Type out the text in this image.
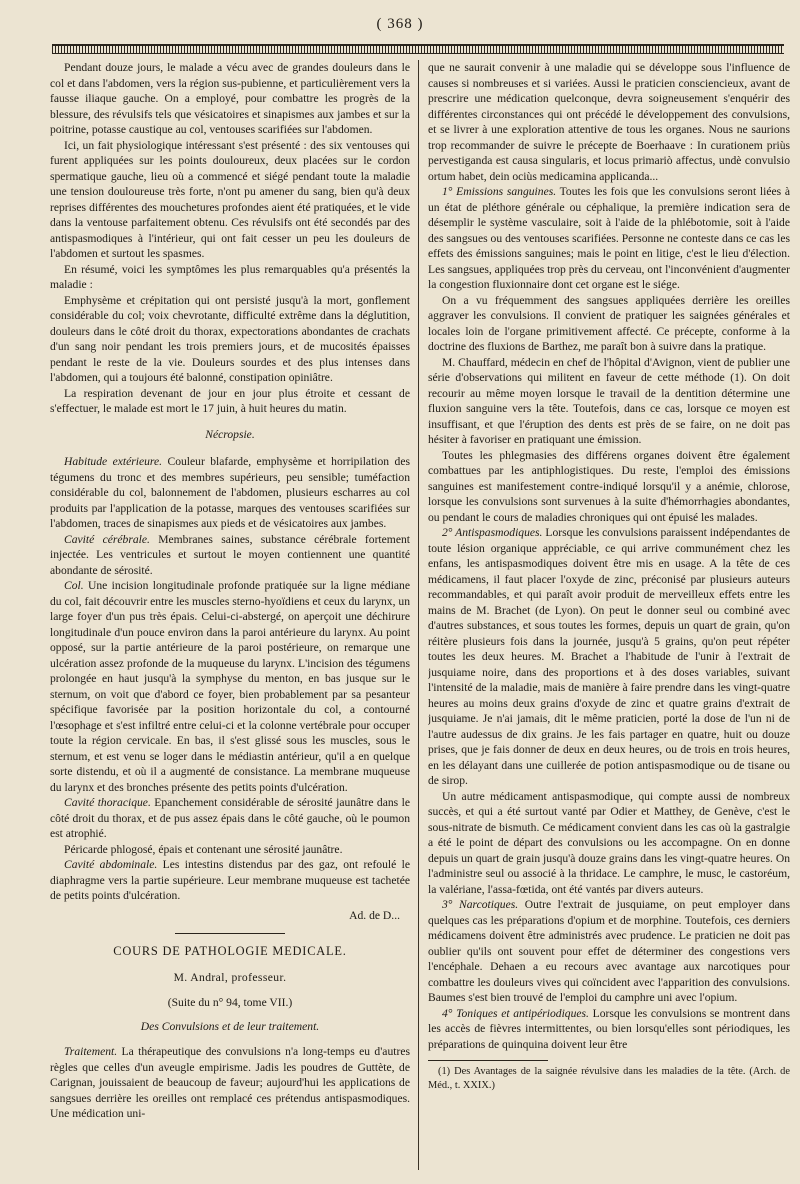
( 368 )

Pendant douze jours, le malade a vécu avec de grandes douleurs dans le col et dans l'abdomen, vers la région sus-pubienne, et particulièrement vers la fausse iliaque gauche. On a employé, pour combattre les progrès de la blessure, des révulsifs tels que vésicatoires et sinapismes aux jambes et sur la poitrine, potasse caustique au col, ventouses scarifiées sur l'abdomen.

Ici, un fait physiologique intéressant s'est présenté : des six ventouses qui furent appliquées sur les points douloureux, deux placées sur le cordon spermatique gauche, lieu où a commencé et siégé pendant toute la maladie une tension douloureuse très forte, n'ont pu amener du sang, bien qu'à deux reprises différentes des mouchetures profondes aient été pratiquées, et le vide dans la ventouse parfaitement obtenu. Ces révulsifs ont été secondés par des antispasmodiques à l'intérieur, qui ont fait cesser un peu les douleurs de l'abdomen et surtout les spasmes.

En résumé, voici les symptômes les plus remarquables qu'a présentés la maladie :

Emphysème et crépitation qui ont persisté jusqu'à la mort, gonflement considérable du col; voix chevrotante, difficulté extrême dans la déglutition, douleurs dans le côté droit du thorax, expectorations abondantes de crachats d'un sang noir pendant les trois premiers jours, et de mucosités épaisses pendant le reste de la vie. Douleurs sourdes et des plus intenses dans l'abdomen, qui a toujours été balonné, constipation opiniâtre.

La respiration devenant de jour en jour plus étroite et cessant de s'effectuer, le malade est mort le 17 juin, à huit heures du matin.

Nécropsie.

Habitude extérieure. Couleur blafarde, emphysème et horripilation des tégumens du tronc et des membres supérieurs, peu sensible; tuméfaction considérable du col, balonnement de l'abdomen, plusieurs escharres au col produits par l'application de la potasse, marques des ventouses scarifiées sur l'abdomen, traces de sinapismes aux pieds et de vésicatoires aux jambes.

Cavité cérébrale. Membranes saines, substance cérébrale fortement injectée. Les ventricules et surtout le moyen contiennent une quantité abondante de sérosité.

Col. Une incision longitudinale profonde pratiquée sur la ligne médiane du col, fait découvrir entre les muscles sterno-hyoïdiens et ceux du larynx, un large foyer d'un pus très épais. Celui-ci-abstergé, on aperçoit une déchirure longitudinale d'un pouce environ dans la paroi antérieure du larynx. Au point opposé, sur la partie antérieure de la paroi postérieure, on remarque une ulcération assez profonde de la muqueuse du larynx. L'incision des tégumens prolongée en haut jusqu'à la symphyse du menton, en bas jusque sur le sternum, on voit que d'abord ce foyer, bien probablement par sa pesanteur spécifique favorisée par la position horizontale du col, a contourné l'œsophage et s'est infiltré entre celui-ci et la colonne vertébrale pour occuper toute la région cervicale. En bas, il s'est glissé sous les muscles, sous le sternum, et est venu se loger dans le médiastin antérieur, qu'il a en quelque sorte distendu, et où il a augmenté de consistance. La membrane muqueuse du larynx et des bronches présente des petits points d'ulcération.

Cavité thoracique. Epanchement considérable de sérosité jaunâtre dans le côté droit du thorax, et de pus assez épais dans le côté gauche, où le poumon est atrophié.

Péricarde phlogosé, épais et contenant une sérosité jaunâtre.

Cavité abdominale. Les intestins distendus par des gaz, ont refoulé le diaphragme vers la partie supérieure. Leur membrane muqueuse est tachetée de petits points d'ulcération.

Ad. de D...

COURS DE PATHOLOGIE MEDICALE.

M. Andral, professeur.

(Suite du n° 94, tome VII.)

Des Convulsions et de leur traitement.

Traitement. La thérapeutique des convulsions n'a long-temps eu d'autres règles que celles d'un aveugle empirisme. Jadis les poudres de Guttète, de Carignan, jouissaient de beaucoup de faveur; aujourd'hui les applications de sangsues derrière les oreilles ont remplacé ces prétendus antispasmodiques. Une médication uni-

que ne saurait convenir à une maladie qui se développe sous l'influence de causes si nombreuses et si variées. Aussi le praticien consciencieux, avant de prescrire une médication quelconque, devra soigneusement s'enquérir des différentes circonstances qui ont précédé le développement des convulsions, et se livrer à une exploration attentive de tous les organes. Nous ne saurions trop recommander de suivre le précepte de Boerhaave : In curationem priùs pervestiganda est causa singularis, et locus primariò affectus, undè convulsio ortum habet, dein ociùs medicamina applicanda...

1° Emissions sanguines. Toutes les fois que les convulsions seront liées à un état de pléthore générale ou céphalique, la première indication sera de désemplir le système vasculaire, soit à l'aide de la phlébotomie, soit à l'aide des sangsues ou des ventouses scarifiées. Personne ne conteste dans ce cas les effets des émissions sanguines; mais le point en litige, c'est le lieu d'élection. Les sangsues, appliquées trop près du cerveau, ont l'inconvénient d'augmenter la congestion fluxionnaire dont cet organe est le siége.

On a vu fréquemment des sangsues appliquées derrière les oreilles aggraver les convulsions. Il convient de pratiquer les saignées générales et locales loin de l'organe primitivement affecté. Ce précepte, conforme à la doctrine des fluxions de Barthez, me paraît bon à suivre dans la pratique.

M. Chauffard, médecin en chef de l'hôpital d'Avignon, vient de publier une série d'observations qui militent en faveur de cette méthode (1). On doit recourir au même moyen lorsque le travail de la dentition détermine une fluxion sanguine vers la tête. Toutefois, dans ce cas, lorsque ce moyen est insuffisant, et que l'éruption des dents est près de se faire, on ne doit pas hésiter à favoriser en pratiquant une émission.

Toutes les phlegmasies des différens organes doivent être également combattues par les antiphlogistiques. Du reste, l'emploi des émissions sanguines est manifestement contre-indiqué lorsqu'il y a anémie, chlorose, lorsque les convulsions sont survenues à la suite d'hémorrhagies abondantes, ou pendant le cours de maladies chroniques qui ont épuisé les malades.

2° Antispasmodiques. Lorsque les convulsions paraissent indépendantes de toute lésion organique appréciable, ce qui arrive communément chez les enfans, les antispasmodiques doivent être mis en usage. A la tête de ces médicamens, il faut placer l'oxyde de zinc, préconisé par plusieurs auteurs recommandables, et qui paraît avoir produit de merveilleux effets entre les mains de M. Brachet (de Lyon). On peut le donner seul ou combiné avec d'autres substances, et sous toutes les formes, depuis un quart de grain, qu'on réitère plusieurs fois dans la journée, jusqu'à 5 grains, qu'on peut répéter toutes les deux heures. M. Brachet a l'habitude de l'unir à l'extrait de jusquiame noire, dans des proportions et à des doses variables, suivant l'intensité de la maladie, mais de manière à faire prendre dans les vingt-quatre heures au moins deux grains d'oxyde de zinc et quatre grains d'extrait de jusquiame. Je n'ai jamais, dit le même praticien, porté la dose de l'un ni de l'autre audessus de dix grains. Je les fais partager en quatre, huit ou douze prises, que je fais donner de deux en deux heures, ou de trois en trois heures, en les délayant dans une cuillerée de potion antispasmodique ou de tisane ou de sirop.

Un autre médicament antispasmodique, qui compte aussi de nombreux succès, et qui a été surtout vanté par Odier et Matthey, de Genève, c'est le sous-nitrate de bismuth. Ce médicament convient dans les cas où la gastralgie a été le point de départ des convulsions ou les accompagne. On en donne depuis un quart de grain jusqu'à douze grains dans les vingt-quatre heures. On l'administre seul ou associé à la thridace. Le camphre, le musc, le castoréum, la valériane, l'assa-fœtida, ont été vantés par divers auteurs.

3° Narcotiques. Outre l'extrait de jusquiame, on peut employer dans quelques cas les préparations d'opium et de morphine. Toutefois, ces derniers médicamens doivent être administrés avec prudence. Le praticien ne doit pas oublier qu'ils ont souvent pour effet de déterminer des congestions vers l'encéphale. Dehaen a eu recours avec avantage aux narcotiques pour combattre les douleurs vives qui coïncident avec l'apparition des convulsions. Baumes s'est bien trouvé de l'emploi du camphre uni avec l'opium.

4° Toniques et antipériodiques. Lorsque les convulsions se montrent dans les accès de fièvres intermittentes, ou bien lorsqu'elles sont périodiques, les préparations de quinquina doivent leur être

(1) Des Avantages de la saignée révulsive dans les maladies de la tête. (Arch. de Méd., t. XXIX.)
